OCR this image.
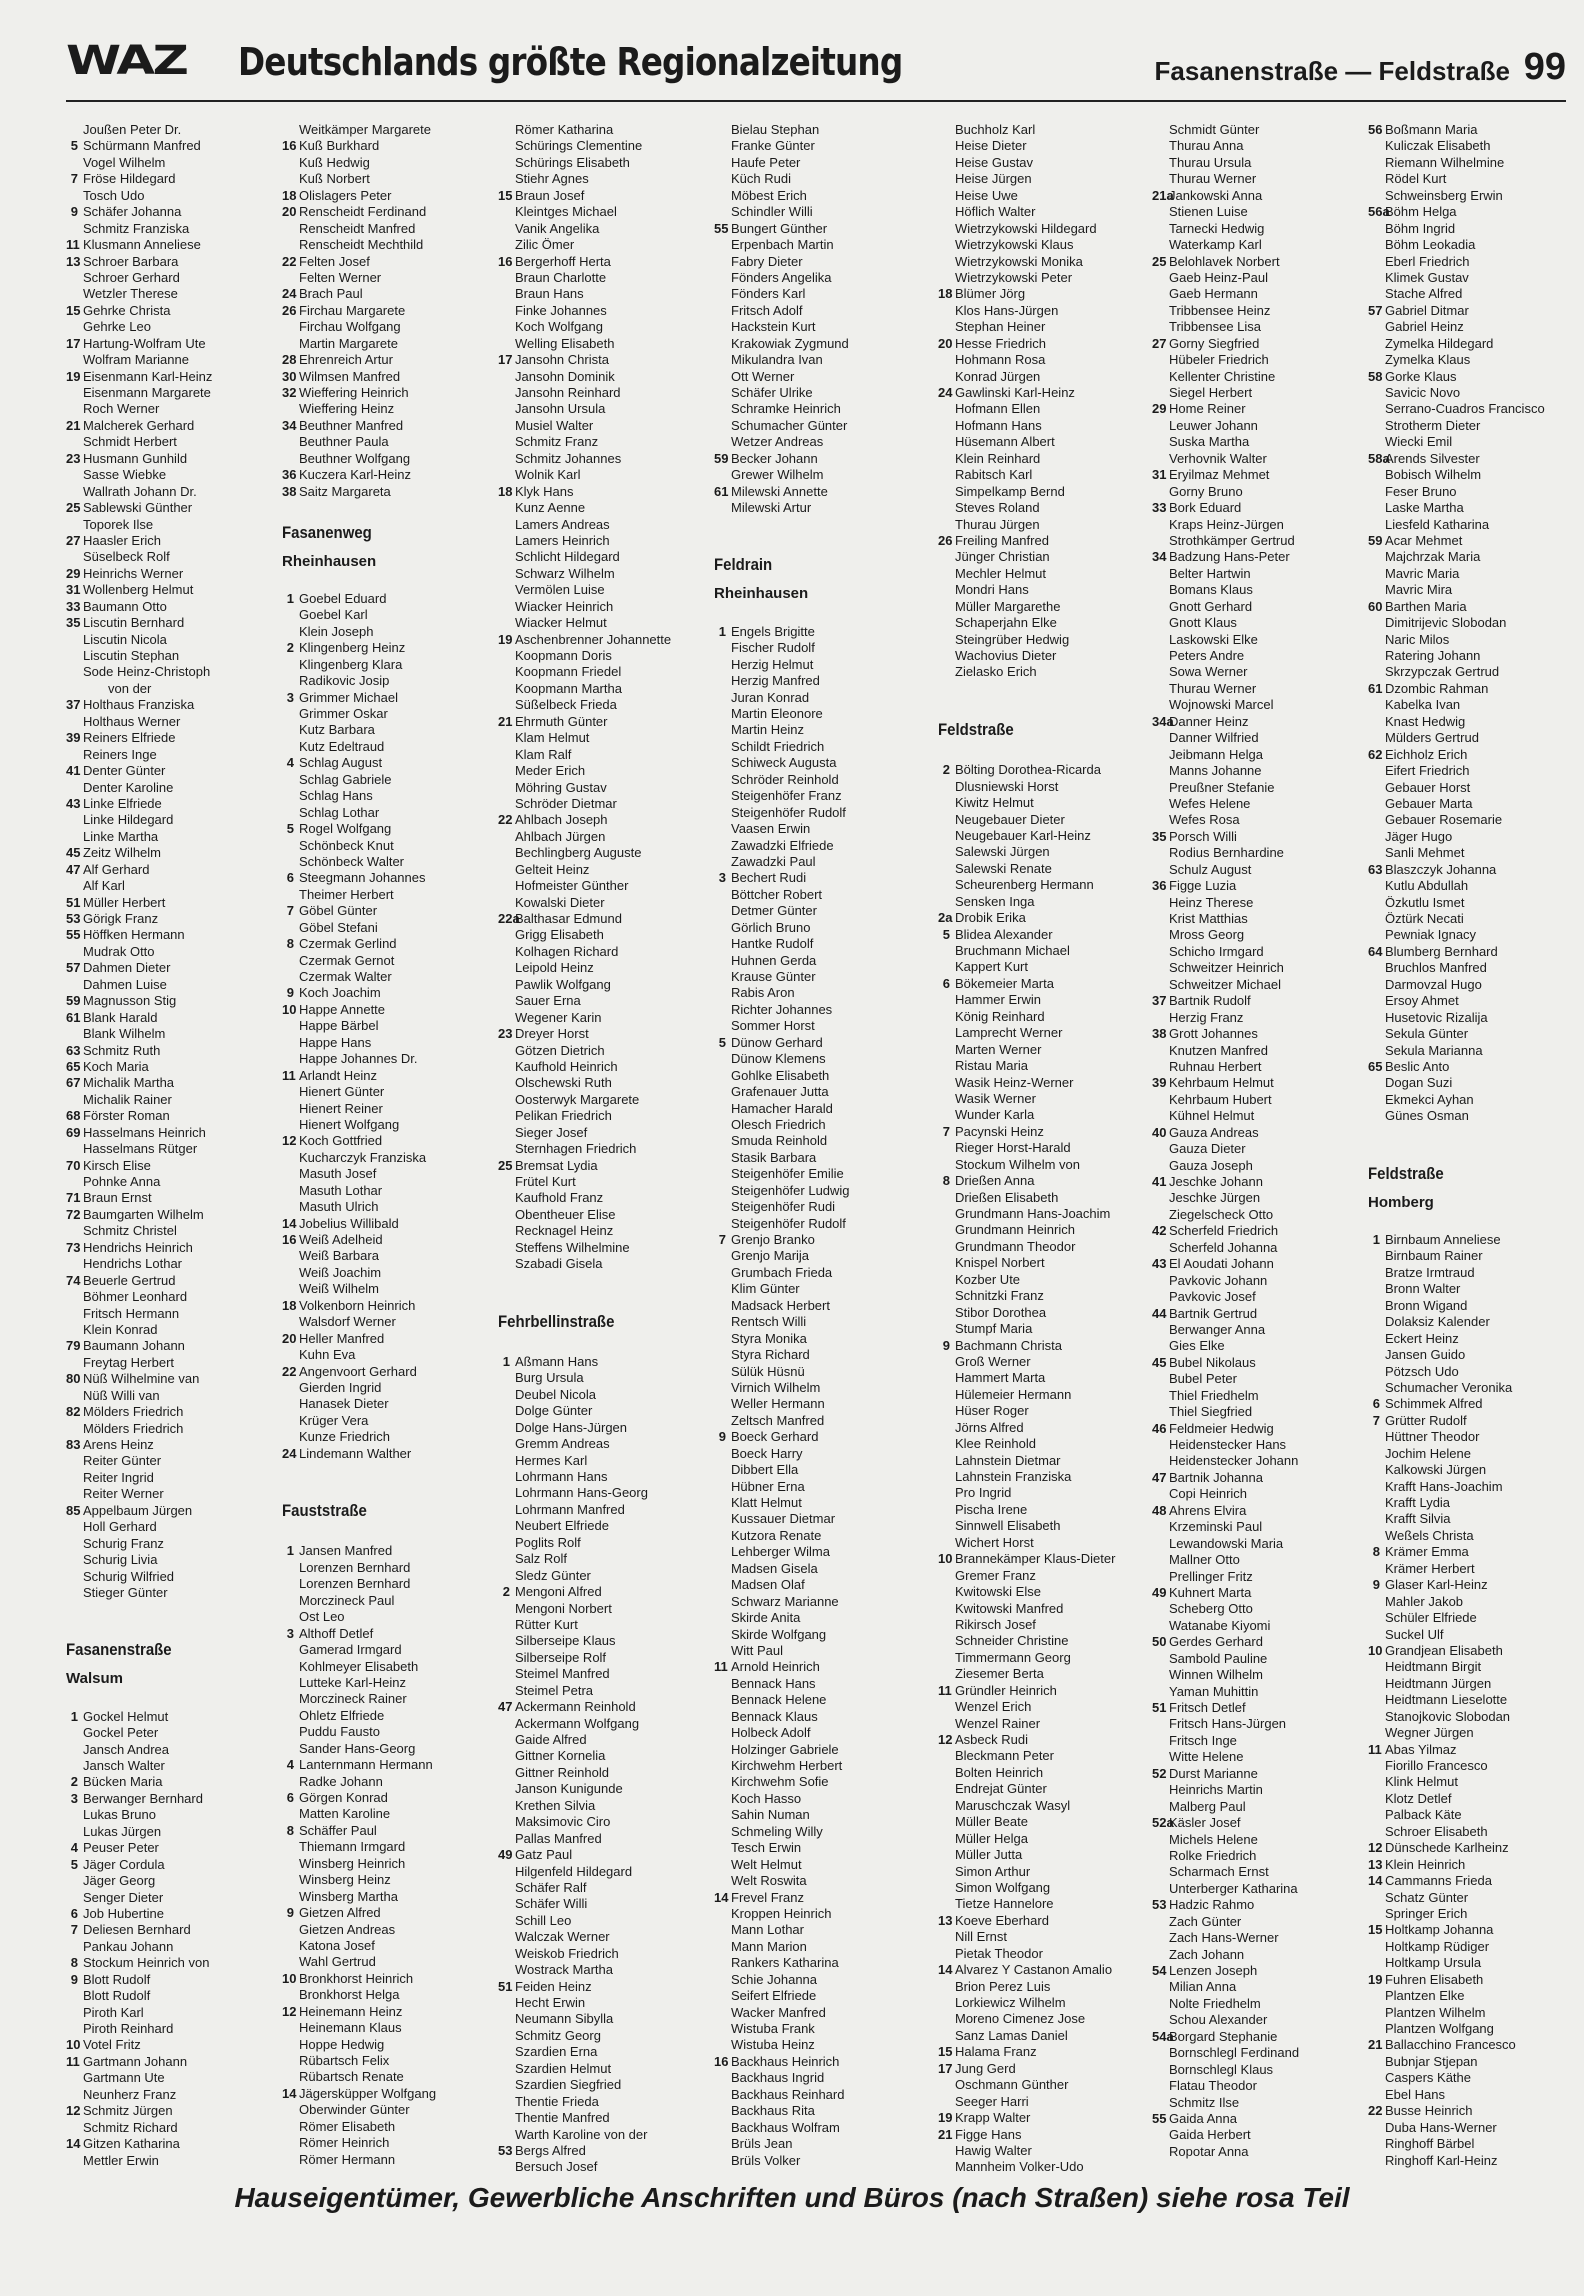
WAZ Deutschlands größte Regionalzeitung	Fasanenstraße — Feldstraße 99
Joußen Peter Dr.
5 Schürmann Manfred
Vogel Wilhelm
7 Fröse Hildegard
Tosch Udo
9 Schäfer Johanna
Schmitz Franziska
11 Klusmann Anneliese
13 Schroer Barbara
Schroer Gerhard
Wetzler Therese
15 Gehrke Christa
Gehrke Leo
17 Hartung-Wolfram Ute
Wolfram Marianne
19 Eisenmann Karl-Heinz
Eisenmann Margarete
Roch Werner
21 Malcherek Gerhard
Schmidt Herbert
23 Husmann Gunhild
Sasse Wiebke
Wallrath Johann Dr.
25 Sablewski Günther
Toporek Ilse
27 Haasler Erich
Süselbeck Rolf
29 Heinrichs Werner
31 Wollenberg Helmut
33 Baumann Otto
35 Liscutin Bernhard
Liscutin Nicola
Liscutin Stephan
Sode Heinz-Christoph
von der
37 Holthaus Franziska
Holthaus Werner
39 Reiners Elfriede
Reiners Inge
41 Denter Günter
Denter Karoline
43 Linke Elfriede
Linke Hildegard
Linke Martha
45 Zeitz Wilhelm
47 Alf Gerhard
Alf Karl
51 Müller Herbert
53 Görigk Franz
55 Höffken Hermann
Mudrak Otto
57 Dahmen Dieter
Dahmen Luise
59 Magnusson Stig
61 Blank Harald
Blank Wilhelm
63 Schmitz Ruth
65 Koch Maria
67 Michalik Martha
Michalik Rainer
68 Förster Roman
69 Hasselmans Heinrich
Hasselmans Rütger
70 Kirsch Elise
Pohnke Anna
71 Braun Ernst
72 Baumgarten Wilhelm
Schmitz Christel
73 Hendrichs Heinrich
Hendrichs Lothar
74 Beuerle Gertrud
Böhmer Leonhard
Fritsch Hermann
Klein Konrad
79 Baumann Johann
Freytag Herbert
80 Nüß Wilhelmine van
Nüß Willi van
82 Mölders Friedrich
Mölders Friedrich
83 Arens Heinz
Reiter Günter
Reiter Ingrid
Reiter Werner
85 Appelbaum Jürgen
Holl Gerhard
Schurig Franz
Schurig Livia
Schurig Wilfried
Stieger Günter
Fasanenstraße
Walsum
1 Gockel Helmut
Gockel Peter
Jansch Andrea
Jansch Walter
2 Bücken Maria
3 Berwanger Bernhard
Lukas Bruno
Lukas Jürgen
4 Peuser Peter
5 Jäger Cordula
Jäger Georg
Senger Dieter
6 Job Hubertine
7 Deliesen Bernhard
Pankau Johann
8 Stockum Heinrich von
9 Blott Rudolf
Blott Rudolf
Piroth Karl
Piroth Reinhard
10 Votel Fritz
11 Gartmann Johann
Gartmann Ute
Neunherz Franz
12 Schmitz Jürgen
Schmitz Richard
14 Gitzen Katharina
Mettler Erwin
Weitkämper Margarete
16 Kuß Burkhard
Kuß Hedwig
Kuß Norbert
18 Olislagers Peter
20 Renscheidt Ferdinand
Renscheidt Manfred
Renscheidt Mechthild
22 Felten Josef
Felten Werner
24 Brach Paul
26 Firchau Margarete
Firchau Wolfgang
Martin Margarete
28 Ehrenreich Artur
30 Wilmsen Manfred
32 Wieffering Heinrich
Wieffering Heinz
34 Beuthner Manfred
Beuthner Paula
Beuthner Wolfgang
36 Kuczera Karl-Heinz
38 Saitz Margareta
Fasanenweg
Rheinhausen
1 Goebel Eduard
Goebel Karl
Klein Joseph
2 Klingenberg Heinz
Klingenberg Klara
Radikovic Josip
3 Grimmer Michael
Grimmer Oskar
Kutz Barbara
Kutz Edeltraud
4 Schlag August
Schlag Gabriele
Schlag Hans
Schlag Lothar
5 Rogel Wolfgang
Schönbeck Knut
Schönbeck Walter
6 Steegmann Johannes
Theimer Herbert
7 Göbel Günter
Göbel Stefani
8 Czermak Gerlind
Czermak Gernot
Czermak Walter
9 Koch Joachim
10 Happe Annette
Happe Bärbel
Happe Hans
Happe Johannes Dr.
11 Arlandt Heinz
Hienert Günter
Hienert Reiner
Hienert Wolfgang
12 Koch Gottfried
Kucharczyk Franziska
Masuth Josef
Masuth Lothar
Masuth Ulrich
14 Jobelius Willibald
16 Weiß Adelheid
Weiß Barbara
Weiß Joachim
Weiß Wilhelm
18 Volkenborn Heinrich
Walsdorf Werner
20 Heller Manfred
Kuhn Eva
22 Angenvoort Gerhard
Gierden Ingrid
Hanasek Dieter
Krüger Vera
Kunze Friedrich
24 Lindemann Walther
Fauststraße
1 Jansen Manfred
Lorenzen Bernhard
Lorenzen Bernhard
Morczineck Paul
Ost Leo
3 Althoff Detlef
Gamerad Irmgard
Kohlmeyer Elisabeth
Lutteke Karl-Heinz
Morczineck Rainer
Ohletz Elfriede
Puddu Fausto
Sander Hans-Georg
4 Lanternmann Hermann
Radke Johann
6 Görgen Konrad
Matten Karoline
8 Schäffer Paul
Thiemann Irmgard
Winsberg Heinrich
Winsberg Heinz
Winsberg Martha
9 Gietzen Alfred
Gietzen Andreas
Katona Josef
Wahl Gertrud
10 Bronkhorst Heinrich
Bronkhorst Helga
12 Heinemann Heinz
Heinemann Klaus
Hoppe Hedwig
Rübartsch Felix
Rübartsch Renate
14 Jägersküpper Wolfgang
Oberwinder Günter
Römer Elisabeth
Römer Heinrich
Römer Hermann
Römer Katharina
Schürings Clementine
Schürings Elisabeth
Stiehr Agnes
15 Braun Josef
Kleintges Michael
Vanik Angelika
Zilic Ömer
16 Bergerhoff Herta
Braun Charlotte
Braun Hans
Finke Johannes
Koch Wolfgang
Welling Elisabeth
17 Jansohn Christa
Jansohn Dominik
Jansohn Reinhard
Jansohn Ursula
Musiel Walter
Schmitz Franz
Schmitz Johannes
Wolnik Karl
18 Klyk Hans
Kunz Aenne
Lamers Andreas
Lamers Heinrich
Schlicht Hildegard
Schwarz Wilhelm
Vermölen Luise
Wiacker Heinrich
Wiacker Helmut
19 Aschenbrenner Johannette
Koopmann Doris
Koopmann Friedel
Koopmann Martha
Süßelbeck Frieda
21 Ehrmuth Günter
Klam Helmut
Klam Ralf
Meder Erich
Möhring Gustav
Schröder Dietmar
22 Ahlbach Joseph
Ahlbach Jürgen
Bechlingberg Auguste
Gelteit Heinz
Hofmeister Günther
Kowalski Dieter
22aBalthasar Edmund
Grigg Elisabeth
Kolhagen Richard
Leipold Heinz
Pawlik Wolfgang
Sauer Erna
Wegener Karin
23 Dreyer Horst
Götzen Dietrich
Kaufhold Heinrich
Olschewski Ruth
Oosterwyk Margarete
Pelikan Friedrich
Sieger Josef
Sternhagen Friedrich
25 Bremsat Lydia
Frütel Kurt
Kaufhold Franz
Obentheuer Elise
Recknagel Heinz
Steffens Wilhelmine
Szabadi Gisela
Fehrbellinstraße
1 Aßmann Hans
Burg Ursula
Deubel Nicola
Dolge Günter
Dolge Hans-Jürgen
Gremm Andreas
Hermes Karl
Lohrmann Hans
Lohrmann Hans-Georg
Lohrmann Manfred
Neubert Elfriede
Poglits Rolf
Salz Rolf
Sledz Günter
2 Mengoni Alfred
Mengoni Norbert
Rütter Kurt
Silberseipe Klaus
Silberseipe Rolf
Steimel Manfred
Steimel Petra
47 Ackermann Reinhold
Ackermann Wolfgang
Gaide Alfred
Gittner Kornelia
Gittner Reinhold
Janson Kunigunde
Krethen Silvia
Maksimovic Ciro
Pallas Manfred
49 Gatz Paul
Hilgenfeld Hildegard
Schäfer Ralf
Schäfer Willi
Schill Leo
Walczak Werner
Weiskob Friedrich
Wostrack Martha
51 Feiden Heinz
Hecht Erwin
Neumann Sibylla
Schmitz Georg
Szardien Erna
Szardien Helmut
Szardien Siegfried
Thentie Frieda
Thentie Manfred
Warth Karoline von der
53 Bergs Alfred
Bersuch Josef
Bielau Stephan
Franke Günter
Haufe Peter
Küch Rudi
Möbest Erich
Schindler Willi
55 Bungert Günther
Erpenbach Martin
Fabry Dieter
Fönders Angelika
Fönders Karl
Fritsch Adolf
Hackstein Kurt
Krakowiak Zygmund
Mikulandra Ivan
Ott Werner
Schäfer Ulrike
Schramke Heinrich
Schumacher Günter
Wetzer Andreas
59 Becker Johann
Grewer Wilhelm
61 Milewski Annette
Milewski Artur
Feldrain
Rheinhausen
1 Engels Brigitte
Fischer Rudolf
Herzig Helmut
Herzig Manfred
Juran Konrad
Martin Eleonore
Martin Heinz
Schildt Friedrich
Schiweck Augusta
Schröder Reinhold
Steigenhöfer Franz
Steigenhöfer Rudolf
Vaasen Erwin
Zawadzki Elfriede
Zawadzki Paul
3 Bechert Rudi
Böttcher Robert
Detmer Günter
Görlich Bruno
Hantke Rudolf
Huhnen Gerda
Krause Günter
Rabis Aron
Richter Johannes
Sommer Horst
5 Dünow Gerhard
Dünow Klemens
Gohlke Elisabeth
Grafenauer Jutta
Hamacher Harald
Olesch Friedrich
Smuda Reinhold
Stasik Barbara
Steigenhöfer Emilie
Steigenhöfer Ludwig
Steigenhöfer Rudi
Steigenhöfer Rudolf
7 Grenjo Branko
Grenjo Marija
Grumbach Frieda
Klim Günter
Madsack Herbert
Rentsch Willi
Styra Monika
Styra Richard
Sülük Hüsnü
Virnich Wilhelm
Weller Hermann
Zeltsch Manfred
9 Boeck Gerhard
Boeck Harry
Dibbert Ella
Hübner Erna
Klatt Helmut
Kussauer Dietmar
Kutzora Renate
Lehberger Wilma
Madsen Gisela
Madsen Olaf
Schwarz Marianne
Skirde Anita
Skirde Wolfgang
Witt Paul
11 Arnold Heinrich
Bennack Hans
Bennack Helene
Bennack Klaus
Holbeck Adolf
Holzinger Gabriele
Kirchwehm Herbert
Kirchwehm Sofie
Koch Hasso
Sahin Numan
Schmeling Willy
Tesch Erwin
Welt Helmut
Welt Roswita
14 Frevel Franz
Kroppen Heinrich
Mann Lothar
Mann Marion
Rankers Katharina
Schie Johanna
Seifert Elfriede
Wacker Manfred
Wistuba Frank
Wistuba Heinz
16 Backhaus Heinrich
Backhaus Ingrid
Backhaus Reinhard
Backhaus Rita
Backhaus Wolfram
Brüls Jean
Brüls Volker
Buchholz Karl
Heise Dieter
Heise Gustav
Heise Jürgen
Heise Uwe
Höflich Walter
Wietrzykowski Hildegard
Wietrzykowski Klaus
Wietrzykowski Monika
Wietrzykowski Peter
18 Blümer Jörg
Klos Hans-Jürgen
Stephan Heiner
20 Hesse Friedrich
Hohmann Rosa
Konrad Jürgen
24 Gawlinski Karl-Heinz
Hofmann Ellen
Hofmann Hans
Hüsemann Albert
Klein Reinhard
Rabitsch Karl
Simpelkamp Bernd
Steves Roland
Thurau Jürgen
26 Freiling Manfred
Jünger Christian
Mechler Helmut
Mondri Hans
Müller Margarethe
Schaperjahn Elke
Steingrüber Hedwig
Wachovius Dieter
Zielasko Erich
Feldstraße
2 Bölting Dorothea-Ricarda
Dlusniewski Horst
Kiwitz Helmut
Neugebauer Dieter
Neugebauer Karl-Heinz
Salewski Jürgen
Salewski Renate
Scheurenberg Hermann
Sensken Inga
2a Drobik Erika
5 Blidea Alexander
Bruchmann Michael
Kappert Kurt
6 Bökemeier Marta
Hammer Erwin
König Reinhard
Lamprecht Werner
Marten Werner
Ristau Maria
Wasik Heinz-Werner
Wasik Werner
Wunder Karla
7 Pacynski Heinz
Rieger Horst-Harald
Stockum Wilhelm von
8 Drießen Anna
Drießen Elisabeth
Grundmann Hans-Joachim
Grundmann Heinrich
Grundmann Theodor
Knispel Norbert
Kozber Ute
Schnitzki Franz
Stibor Dorothea
Stumpf Maria
9 Bachmann Christa
Groß Werner
Hammert Marta
Hülemeier Hermann
Hüser Roger
Jörns Alfred
Klee Reinhold
Lahnstein Dietmar
Lahnstein Franziska
Pro Ingrid
Pischa Irene
Sinnwell Elisabeth
Wichert Horst
10 Brannekämper Klaus-Dieter
Gremer Franz
Kwitowski Else
Kwitowski Manfred
Rikirsch Josef
Schneider Christine
Timmermann Georg
Ziesemer Berta
11 Gründler Heinrich
Wenzel Erich
Wenzel Rainer
12 Asbeck Rudi
Bleckmann Peter
Bolten Heinrich
Endrejat Günter
Maruschczak Wasyl
Müller Beate
Müller Helga
Müller Jutta
Simon Arthur
Simon Wolfgang
Tietze Hannelore
13 Koeve Eberhard
Nill Ernst
Pietak Theodor
14 Alvarez Y Castanon Amalio
Brion Perez Luis
Lorkiewicz Wilhelm
Moreno Cimenez Jose
Sanz Lamas Daniel
15 Halama Franz
17 Jung Gerd
Oschmann Günther
Seeger Harri
19 Krapp Walter
21 Figge Hans
Hawig Walter
Mannheim Volker-Udo
Schmidt Günter
Thurau Anna
Thurau Ursula
Thurau Werner
21aJankowski Anna
Stienen Luise
Tarnecki Hedwig
Waterkamp Karl
25 Belohlavek Norbert
Gaeb Heinz-Paul
Gaeb Hermann
Tribbensee Heinz
Tribbensee Lisa
27 Gorny Siegfried
Hübeler Friedrich
Kellenter Christine
Siegel Herbert
29 Home Reiner
Leuwer Johann
Suska Martha
Verhovnik Walter
31 Eryilmaz Mehmet
Gorny Bruno
33 Bork Eduard
Kraps Heinz-Jürgen
Strothkämper Gertrud
34 Badzung Hans-Peter
Belter Hartwin
Bomans Klaus
Gnott Gerhard
Gnott Klaus
Laskowski Elke
Peters Andre
Sowa Werner
Thurau Werner
Wojnowski Marcel
34aDanner Heinz
Danner Wilfried
Jeibmann Helga
Manns Johanne
Preußner Stefanie
Wefes Helene
Wefes Rosa
35 Porsch Willi
Rodius Bernhardine
Schulz August
36 Figge Luzia
Heinz Therese
Krist Matthias
Mross Georg
Schicho Irmgard
Schweitzer Heinrich
Schweitzer Michael
37 Bartnik Rudolf
Herzig Franz
38 Grott Johannes
Knutzen Manfred
Ruhnau Herbert
39 Kehrbaum Helmut
Kehrbaum Hubert
Kühnel Helmut
40 Gauza Andreas
Gauza Dieter
Gauza Joseph
41 Jeschke Johann
Jeschke Jürgen
Ziegelscheck Otto
42 Scherfeld Friedrich
Scherfeld Johanna
43 El Aoudati Johann
Pavkovic Johann
Pavkovic Josef
44 Bartnik Gertrud
Berwanger Anna
Gies Elke
45 Bubel Nikolaus
Bubel Peter
Thiel Friedhelm
Thiel Siegfried
46 Feldmeier Hedwig
Heidenstecker Hans
Heidenstecker Johann
47 Bartnik Johanna
Copi Heinrich
48 Ahrens Elvira
Krzeminski Paul
Lewandowski Maria
Mallner Otto
Prellinger Fritz
49 Kuhnert Marta
Scheberg Otto
Watanabe Kiyomi
50 Gerdes Gerhard
Sambold Pauline
Winnen Wilhelm
Yaman Muhittin
51 Fritsch Detlef
Fritsch Hans-Jürgen
Fritsch Inge
Witte Helene
52 Durst Marianne
Heinrichs Martin
Malberg Paul
52aKäsler Josef
Michels Helene
Rolke Friedrich
Scharmach Ernst
Unterberger Katharina
53 Hadzic Rahmo
Zach Günter
Zach Hans-Werner
Zach Johann
54 Lenzen Joseph
Milian Anna
Nolte Friedhelm
Schou Alexander
54aBorgard Stephanie
Bornschlegl Ferdinand
Bornschlegl Klaus
Flatau Theodor
Schmitz Ilse
55 Gaida Anna
Gaida Herbert
Ropotar Anna
56 Boßmann Maria
Kuliczak Elisabeth
Riemann Wilhelmine
Rödel Kurt
Schweinsberg Erwin
56aBöhm Helga
Böhm Ingrid
Böhm Leokadia
Eberl Friedrich
Klimek Gustav
Stache Alfred
57 Gabriel Ditmar
Gabriel Heinz
Zymelka Hildegard
Zymelka Klaus
58 Gorke Klaus
Savicic Novo
Serrano-Cuadros Francisco
Strotherm Dieter
Wiecki Emil
58aArends Silvester
Bobisch Wilhelm
Feser Bruno
Laske Martha
Liesfeld Katharina
59 Acar Mehmet
Majchrzak Maria
Mavric Maria
Mavric Mira
60 Barthen Maria
Dimitrijevic Slobodan
Naric Milos
Ratering Johann
Skrzypczak Gertrud
61 Dzombic Rahman
Kabelka Ivan
Knast Hedwig
Mülders Gertrud
62 Eichholz Erich
Eifert Friedrich
Gebauer Horst
Gebauer Marta
Gebauer Rosemarie
Jäger Hugo
Sanli Mehmet
63 Blaszczyk Johanna
Kutlu Abdullah
Özkutlu Ismet
Öztürk Necati
Pewniak Ignacy
64 Blumberg Bernhard
Bruchlos Manfred
Darmovzal Hugo
Ersoy Ahmet
Husetovic Rizalija
Sekula Günter
Sekula Marianna
65 Beslic Anto
Dogan Suzi
Ekmekci Ayhan
Günes Osman
Feldstraße
Homberg
1 Birnbaum Anneliese
Birnbaum Rainer
Bratze Irmtraud
Bronn Walter
Bronn Wigand
Dolaksiz Kalender
Eckert Heinz
Jansen Guido
Pötzsch Udo
Schumacher Veronika
6 Schimmek Alfred
7 Grütter Rudolf
Hüttner Theodor
Jochim Helene
Kalkowski Jürgen
Krafft Hans-Joachim
Krafft Lydia
Krafft Silvia
Weßels Christa
8 Krämer Emma
Krämer Herbert
9 Glaser Karl-Heinz
Mahler Jakob
Schüler Elfriede
Suckel Ulf
10 Grandjean Elisabeth
Heidtmann Birgit
Heidtmann Jürgen
Heidtmann Lieselotte
Stanojkovic Slobodan
Wegner Jürgen
11 Abas Yilmaz
Fiorillo Francesco
Klink Helmut
Klotz Detlef
Palback Käte
Schroer Elisabeth
12 Dünschede Karlheinz
13 Klein Heinrich
14 Cammanns Frieda
Schatz Günter
Springer Erich
15 Holtkamp Johanna
Holtkamp Rüdiger
Holtkamp Ursula
19 Fuhren Elisabeth
Plantzen Elke
Plantzen Wilhelm
Plantzen Wolfgang
21 Ballacchino Francesco
Bubnjar Stjepan
Caspers Käthe
Ebel Hans
22 Busse Heinrich
Duba Hans-Werner
Ringhoff Bärbel
Ringhoff Karl-Heinz
Hauseigentümer, Gewerbliche Anschriften und Büros (nach Straßen) siehe rosa Teil
